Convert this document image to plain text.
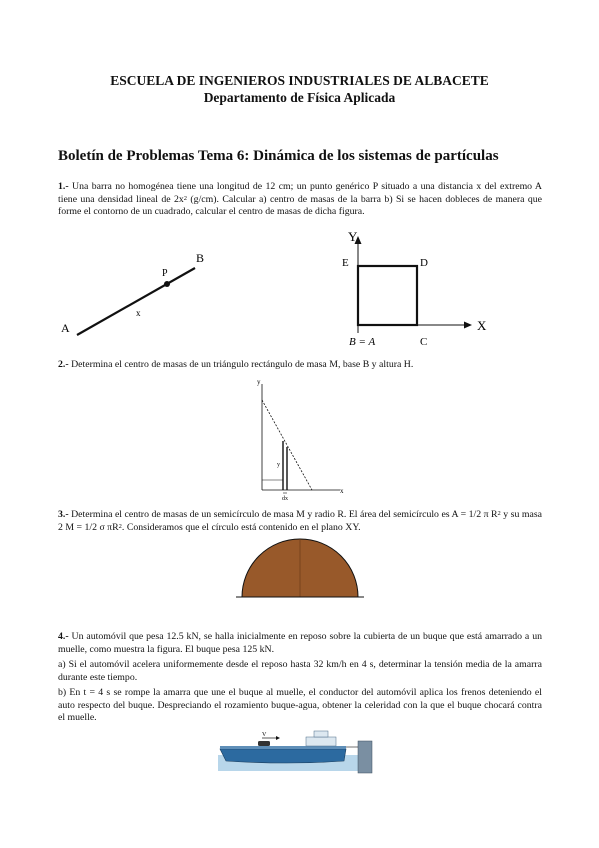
ESCUELA DE INGENIEROS INDUSTRIALES DE ALBACETE
Departamento de Física Aplicada
Boletín de Problemas Tema 6: Dinámica de los sistemas de partículas
1.- Una barra no homogénea tiene una longitud de 12 cm; un punto genérico P situado a una distancia x del extremo A tiene una densidad lineal de $2x^2$ (g/cm). Calcular a) centro de masas de la barra b) Si se hacen dobleces de manera que forme el contorno de un cuadrado, calcular el centro de masas de dicha figura.
A
B
P
x
Y
X
E	D
B = A	C
2.- Determina el centro de masas de un triángulo rectángulo de masa M, base B y altura H.
y
x
y
dx
3.- Determina el centro de masas de un semicírculo de masa M y radio R. El área del semicírculo es A = 1/2 π $R^2$ y su masa 2 M = 1/2 σ $\pi R^2$. Consideramos que el círculo está contenido en el plano XY.
4.- Un automóvil que pesa 12.5 kN, se halla inicialmente en reposo sobre la cubierta de un buque que está amarrado a un muelle, como muestra la figura. El buque pesa 125 kN.
a) Si el automóvil acelera uniformemente desde el reposo hasta 32 km/h en 4 s, determinar la tensión media de la amarra durante este tiempo.
b) En t = 4 s se rompe la amarra que une el buque al muelle, el conductor del automóvil aplica los frenos deteniendo el auto respecto del buque. Despreciando el rozamiento buque-agua, obtener la celeridad con la que el buque chocará contra el muelle.
V
